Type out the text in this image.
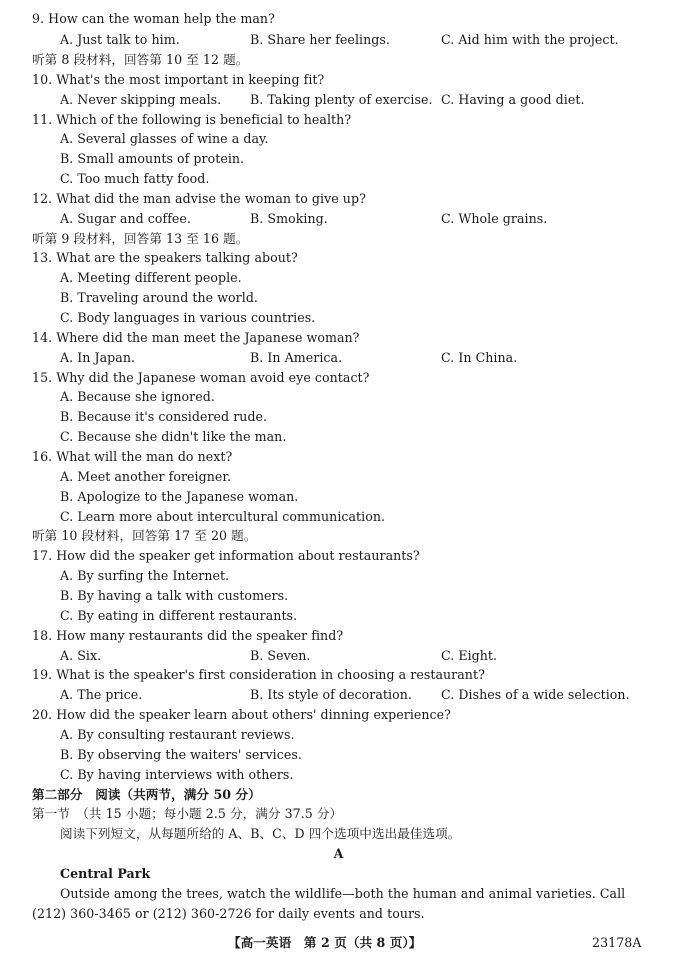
9. How can the woman help the man?
A. Just talk to him.	B. Share her feelings.	C. Aid him with the project.
听第 8 段材料，回答第 10 至 12 题。
10. What's the most important in keeping fit?
A. Never skipping meals. B. Taking plenty of exercise. C. Having a good diet.
11. Which of the following is beneficial to health?
A. Several glasses of wine a day.
B. Small amounts of protein.
C. Too much fatty food.
12. What did the man advise the woman to give up?
A. Sugar and coffee.	B. Smoking.	C. Whole grains.
听第 9 段材料，回答第 13 至 16 题。
13. What are the speakers talking about?
A. Meeting different people.
B. Traveling around the world.
C. Body languages in various countries.
14. Where did the man meet the Japanese woman?
A. In Japan.	B. In America.	C. In China.
15. Why did the Japanese woman avoid eye contact?
A. Because she ignored.
B. Because it's considered rude.
C. Because she didn't like the man.
16. What will the man do next?
A. Meet another foreigner.
B. Apologize to the Japanese woman.
C. Learn more about intercultural communication.
听第 10 段材料，回答第 17 至 20 题。
17. How did the speaker get information about restaurants?
A. By surfing the Internet.
B. By having a talk with customers.
C. By eating in different restaurants.
18. How many restaurants did the speaker find?
A. Six.	B. Seven.	C. Eight.
19. What is the speaker's first consideration in choosing a restaurant?
A. The price.	B. Its style of decoration. C. Dishes of a wide selection.
20. How did the speaker learn about others' dinning experience?
A. By consulting restaurant reviews.
B. By observing the waiters' services.
C. By having interviews with others.
第二部分　阅读（共两节，满分 50 分）
第一节　（共 15 小题；每小题 2.5 分，满分 37.5 分）
阅读下列短文，从每题所给的 A、B、C、D 四个选项中选出最佳选项。
A
Central Park
Outside among the trees, watch the wildlife—both the human and animal varieties. Call
(212) 360-3465 or (212) 360-2726 for daily events and tours.
【高一英语　第 2 页（共 8 页）】	23178A
